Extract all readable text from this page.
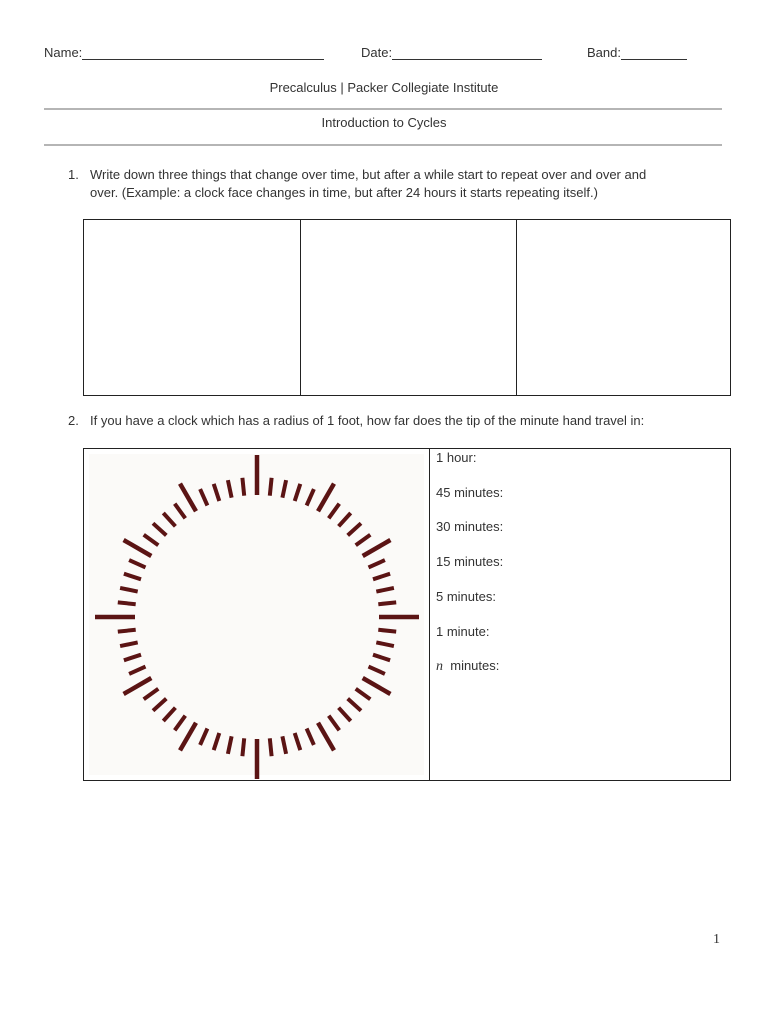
Name:	Date:	Band:
Precalculus | Packer Collegiate Institute
Introduction to Cycles
1. Write down three things that change over time, but after a while start to repeat over and over and
over. (Example: a clock face changes in time, but after 24 hours it starts repeating itself.)

2. If you have a clock which has a radius of 1 foot, how far does the tip of the minute hand travel in:

1 hour:
45 minutes:
30 minutes:
15 minutes:
5 minutes:
1 minute:
n minutes:
1
